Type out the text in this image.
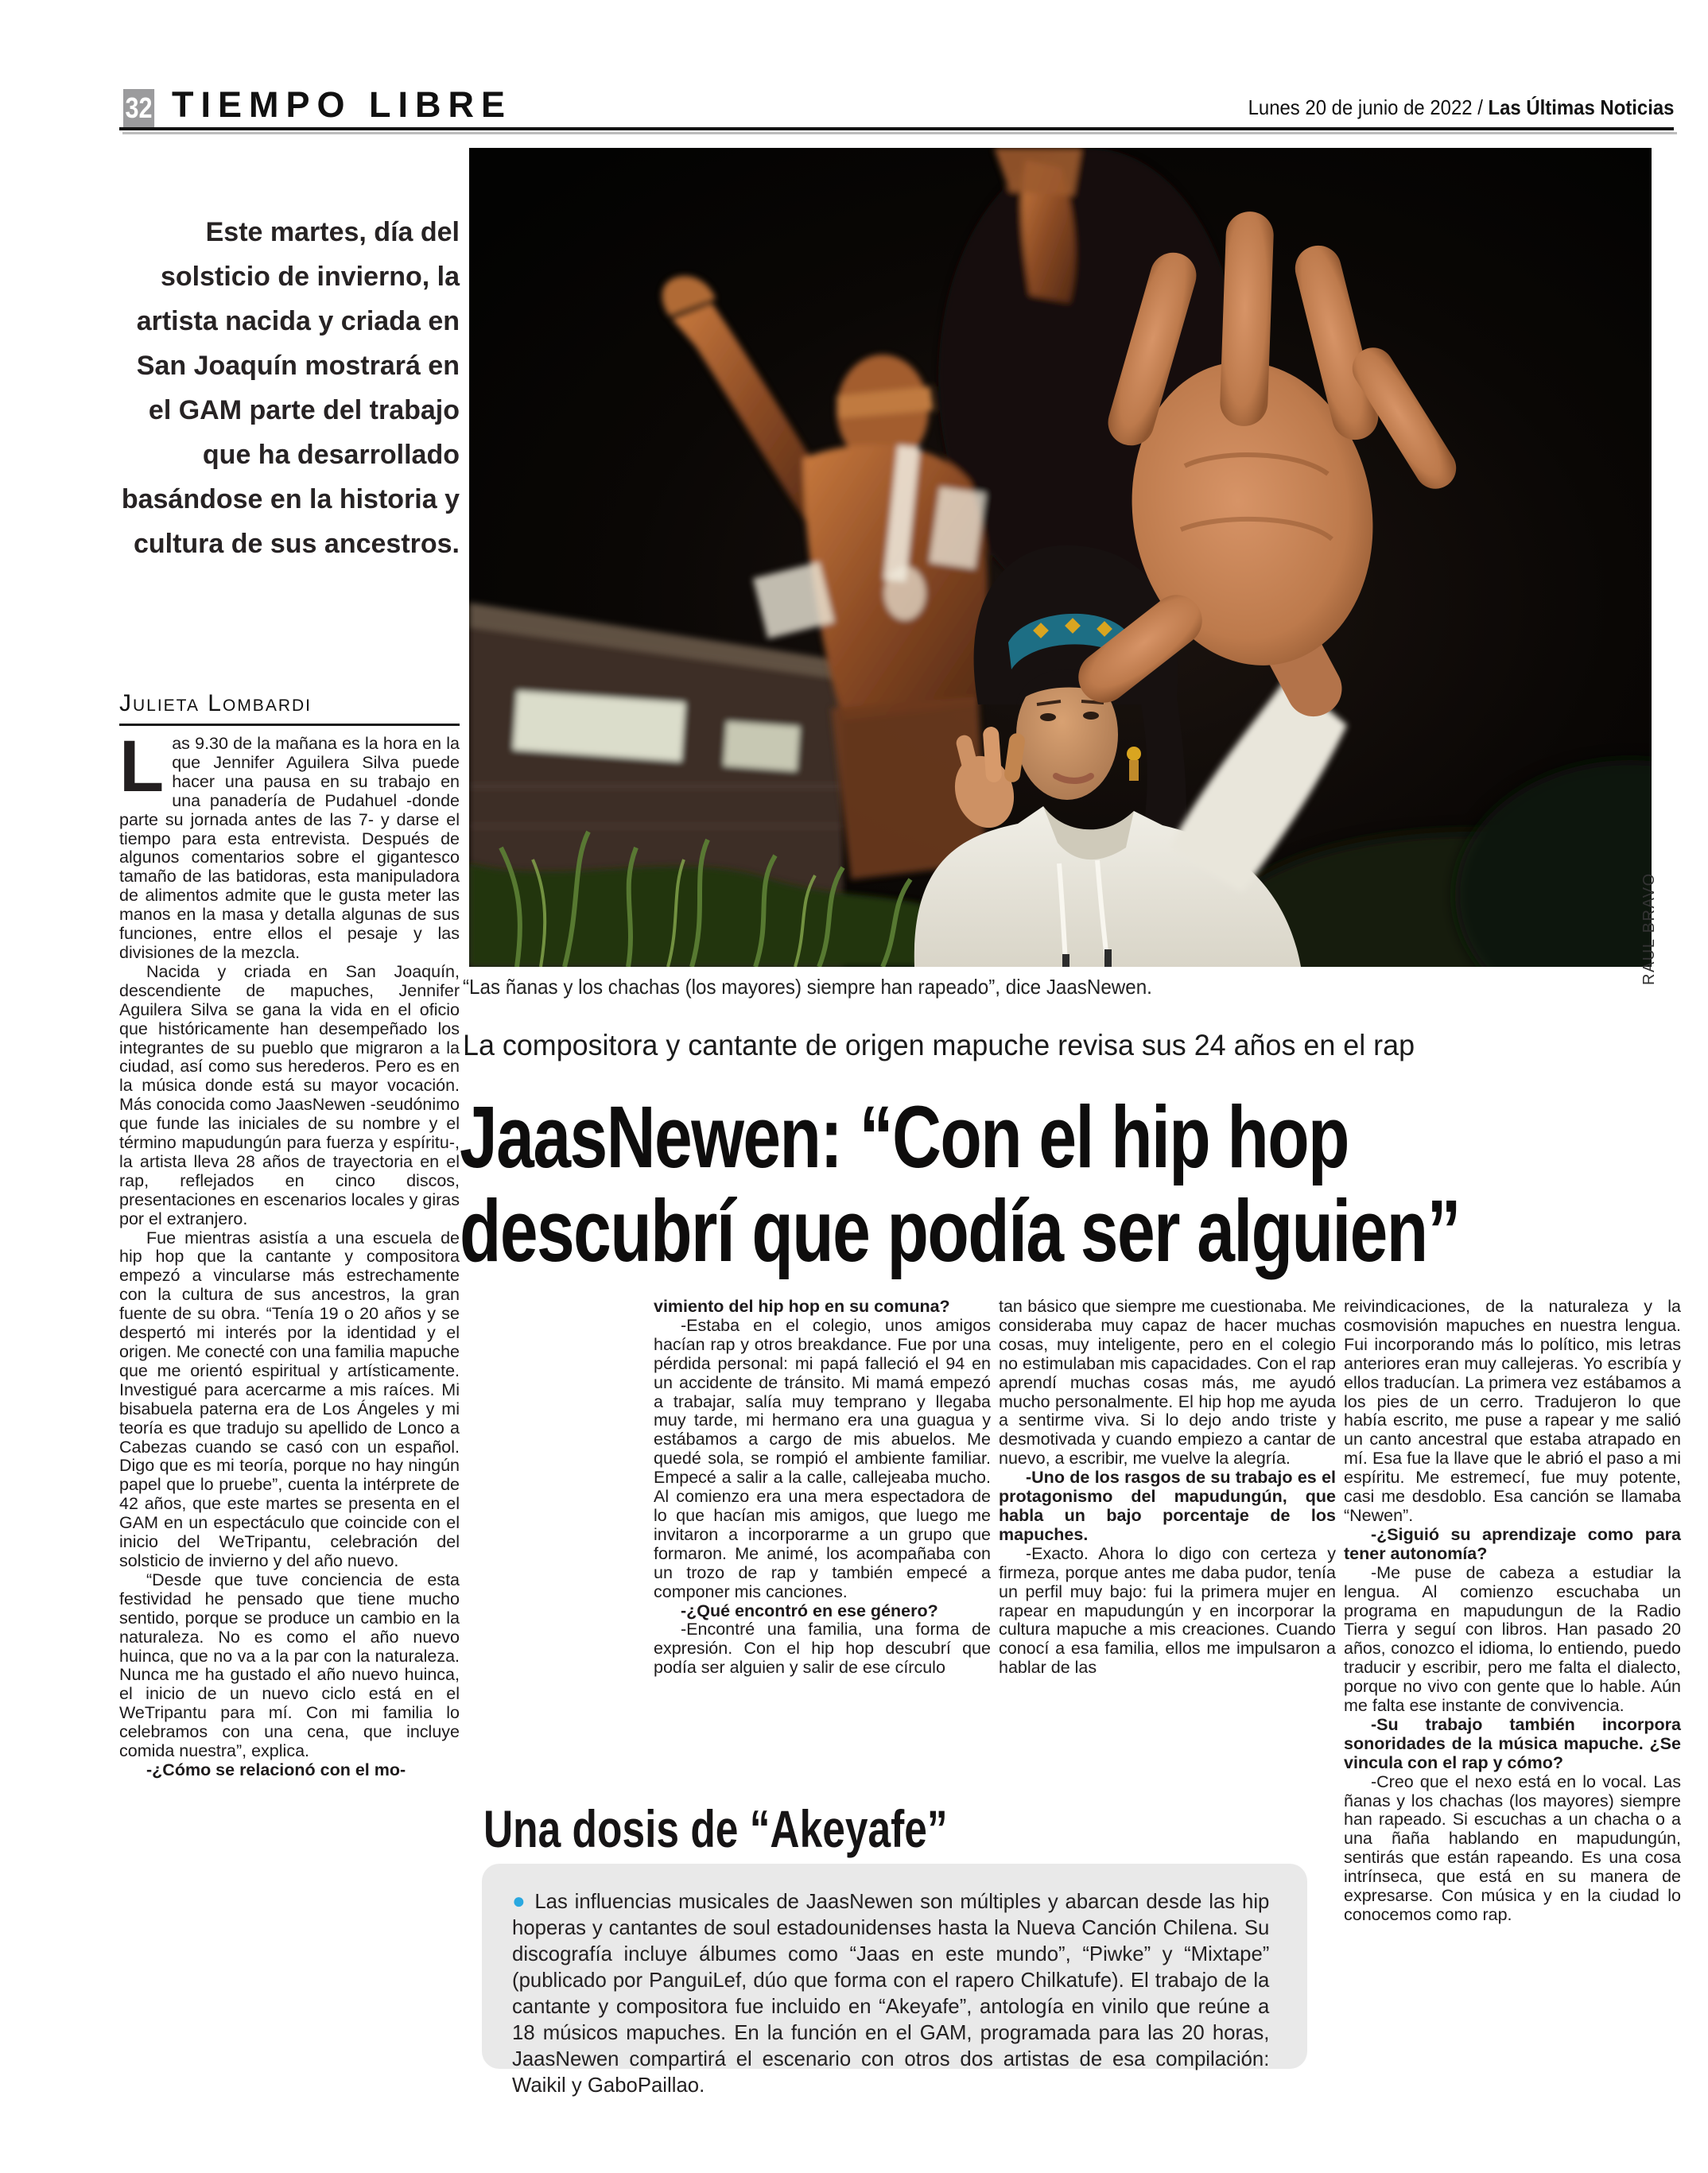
32 TIEMPO LIBRE	Lunes 20 de junio de 2022 / Las Últimas Noticias
Este martes, día del solsticio de invierno, la artista nacida y criada en San Joaquín mostrará en el GAM parte del trabajo que ha desarrollado basándose en la historia y cultura de sus ancestros.
Julieta Lombardi

Las 9.30 de la mañana es la hora en la que Jennifer Aguilera Silva puede hacer una pausa en su trabajo en una panadería de Pudahuel -donde parte su jornada antes de las 7- y darse el tiempo para esta entrevista. Después de algunos comentarios sobre el gigantesco tamaño de las batidoras, esta manipuladora de alimentos admite que le gusta meter las manos en la masa y detalla algunas de sus funciones, entre ellos el pesaje y las divisiones de la mezcla.

Nacida y criada en San Joaquín, descendiente de mapuches, Jennifer Aguilera Silva se gana la vida en el oficio que históricamente han desempeñado los integrantes de su pueblo que migraron a la ciudad, así como sus herederos. Pero es en la música donde está su mayor vocación. Más conocida como JaasNewen -seudónimo que funde las iniciales de su nombre y el término mapudungún para fuerza y espíritu-, la artista lleva 28 años de trayectoria en el rap, reflejados en cinco discos, presentaciones en escenarios locales y giras por el extranjero.

Fue mientras asistía a una escuela de hip hop que la cantante y compositora empezó a vincularse más estrechamente con la cultura de sus ancestros, la gran fuente de su obra. “Tenía 19 o 20 años y se despertó mi interés por la identidad y el origen. Me conecté con una familia mapuche que me orientó espiritual y artísticamente. Investigué para acercarme a mis raíces. Mi bisabuela paterna era de Los Ángeles y mi teoría es que tradujo su apellido de Lonco a Cabezas cuando se casó con un español. Digo que es mi teoría, porque no hay ningún papel que lo pruebe”, cuenta la intérprete de 42 años, que este martes se presenta en el GAM en un espectáculo que coincide con el inicio del WeTripantu, celebración del solsticio de invierno y del año nuevo.

“Desde que tuve conciencia de esta festividad he pensado que tiene mucho sentido, porque se produce un cambio en la naturaleza. No es como el año nuevo huinca, que no va a la par con la naturaleza. Nunca me ha gustado el año nuevo huinca, el inicio de un nuevo ciclo está en el WeTripantu para mí. Con mi familia lo celebramos con una cena, que incluye comida nuestra”, explica.

-¿Cómo se relacionó con el mo-

RAUL BRAVO
“Las ñanas y los chachas (los mayores) siempre han rapeado”, dice JaasNewen.
La compositora y cantante de origen mapuche revisa sus 24 años en el rap
JaasNewen: “Con el hip hop
descubrí que podía ser alguien”

vimiento del hip hop en su comuna?

-Estaba en el colegio, unos amigos hacían rap y otros breakdance. Fue por una pérdida personal: mi papá falleció el 94 en un accidente de tránsito. Mi mamá empezó a trabajar, salía muy temprano y llegaba muy tarde, mi hermano era una guagua y estábamos a cargo de mis abuelos. Me quedé sola, se rompió el ambiente familiar. Empecé a salir a la calle, callejeaba mucho. Al comienzo era una mera espectadora de lo que hacían mis amigos, que luego me invitaron a incorporarme a un grupo que formaron. Me animé, los acompañaba con un trozo de rap y también empecé a componer mis canciones.

-¿Qué encontró en ese género?

-Encontré una familia, una forma de expresión. Con el hip hop descubrí que podía ser alguien y salir de ese círculo

tan básico que siempre me cuestionaba. Me consideraba muy capaz de hacer muchas cosas, muy inteligente, pero en el colegio no estimulaban mis capacidades. Con el rap aprendí muchas cosas más, me ayudó mucho personalmente. El hip hop me ayuda a sentirme viva. Si lo dejo ando triste y desmotivada y cuando empiezo a cantar de nuevo, a escribir, me vuelve la alegría.

-Uno de los rasgos de su trabajo es el protagonismo del mapudungún, que habla un bajo porcentaje de los mapuches.

-Exacto. Ahora lo digo con certeza y firmeza, porque antes me daba pudor, tenía un perfil muy bajo: fui la primera mujer en rapear en mapudungún y en incorporar la cultura mapuche a mis creaciones. Cuando conocí a esa familia, ellos me impulsaron a hablar de las

reivindicaciones, de la naturaleza y la cosmovisión mapuches en nuestra lengua. Fui incorporando más lo político, mis letras anteriores eran muy callejeras. Yo escribía y ellos traducían. La primera vez estábamos a los pies de un cerro. Tradujeron lo que había escrito, me puse a rapear y me salió un canto ancestral que estaba atrapado en mí. Esa fue la llave que le abrió el paso a mi espíritu. Me estremecí, fue muy potente, casi me desdoblo. Esa canción se llamaba “Newen”.

-¿Siguió su aprendizaje como para tener autonomía?

-Me puse de cabeza a estudiar la lengua. Al comienzo escuchaba un programa en mapudungun de la Radio Tierra y seguí con libros. Han pasado 20 años, conozco el idioma, lo entiendo, puedo traducir y escribir, pero me falta el dialecto, porque no vivo con gente que lo hable. Aún me falta ese instante de convivencia.

-Su trabajo también incorpora sonoridades de la música mapuche. ¿Se vincula con el rap y cómo?

-Creo que el nexo está en lo vocal. Las ñanas y los chachas (los mayores) siempre han rapeado. Si escuchas a un chacha o a una ñaña hablando en mapudungún, sentirás que están rapeando. Es una cosa intrínseca, que está en su manera de expresarse. Con música y en la ciudad lo conocemos como rap.

Una dosis de “Akeyafe”
● Las influencias musicales de JaasNewen son múltiples y abarcan desde las hip hoperas y cantantes de soul estadounidenses hasta la Nueva Canción Chilena. Su discografía incluye álbumes como “Jaas en este mundo”, “Piwke” y “Mixtape” (publicado por PanguiLef, dúo que forma con el rapero Chilkatufe). El trabajo de la cantante y compositora fue incluido en “Akeyafe”, antología en vinilo que reúne a 18 músicos mapuches. En la función en el GAM, programada para las 20 horas, JaasNewen compartirá el escenario con otros dos artistas de esa compilación: Waikil y GaboPaillao.
